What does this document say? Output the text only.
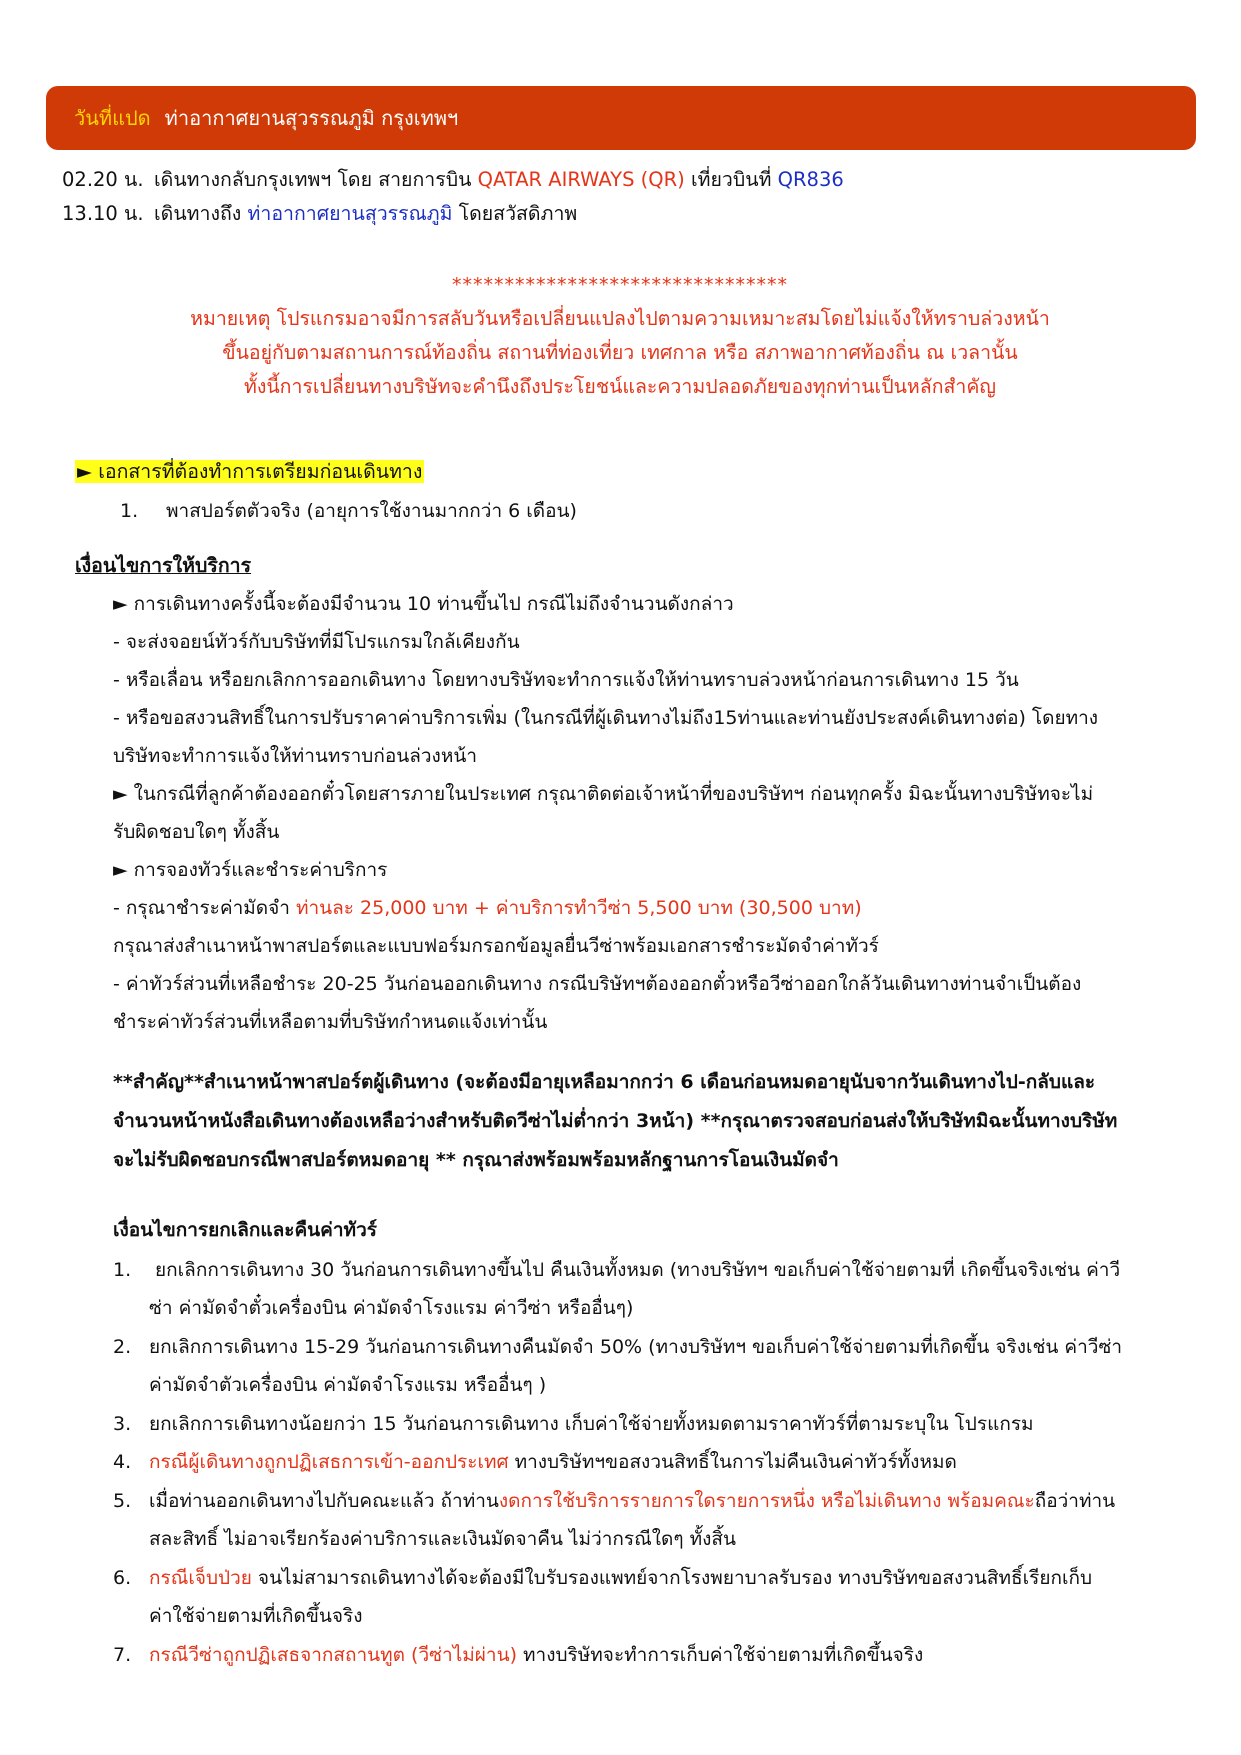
วันที่แปด ท่าอากาศยานสุวรรณภูมิ กรุงเทพฯ
02.20 น. เดินทางกลับกรุงเทพฯ โดย สายการบิน QATAR AIRWAYS (QR) เที่ยวบินที่ QR836
13.10 น. เดินทางถึง ท่าอากาศยานสุวรรณภูมิ โดยสวัสดิภาพ
********************************
หมายเหตุ โปรแกรมอาจมีการสลับวันหรือเปลี่ยนแปลงไปตามความเหมาะสมโดยไม่แจ้งให้ทราบล่วงหน้า
ขึ้นอยู่กับตามสถานการณ์ท้องถิ่น สถานที่ท่องเที่ยว เทศกาล หรือ สภาพอากาศท้องถิ่น ณ เวลานั้น
ทั้งนี้การเปลี่ยนทางบริษัทจะคำนึงถึงประโยชน์และความปลอดภัยของทุกท่านเป็นหลักสำคัญ
► เอกสารที่ต้องทำการเตรียมก่อนเดินทาง
1. พาสปอร์ตตัวจริง (อายุการใช้งานมากกว่า 6 เดือน)
เงื่อนไขการให้บริการ
► การเดินทางครั้งนี้จะต้องมีจำนวน 10 ท่านขึ้นไป กรณีไม่ถึงจำนวนดังกล่าว
- จะส่งจอยน์ทัวร์กับบริษัทที่มีโปรแกรมใกล้เคียงกัน
- หรือเลื่อน หรือยกเลิกการออกเดินทาง โดยทางบริษัทจะทำการแจ้งให้ท่านทราบล่วงหน้าก่อนการเดินทาง 15 วัน
- หรือขอสงวนสิทธิ์ในการปรับราคาค่าบริการเพิ่ม (ในกรณีที่ผู้เดินทางไม่ถึง15ท่านและท่านยังประสงค์เดินทางต่อ) โดยทาง
บริษัทจะทำการแจ้งให้ท่านทราบก่อนล่วงหน้า
► ในกรณีที่ลูกค้าต้องออกตั๋วโดยสารภายในประเทศ กรุณาติดต่อเจ้าหน้าที่ของบริษัทฯ ก่อนทุกครั้ง มิฉะนั้นทางบริษัทจะไม่
รับผิดชอบใดๆ ทั้งสิ้น
► การจองทัวร์และชำระค่าบริการ
- กรุณาชำระค่ามัดจำ ท่านละ 25,000 บาท + ค่าบริการทำวีซ่า 5,500 บาท (30,500 บาท)
กรุณาส่งสำเนาหน้าพาสปอร์ตและแบบฟอร์มกรอกข้อมูลยื่นวีซ่าพร้อมเอกสารชำระมัดจำค่าทัวร์
- ค่าทัวร์ส่วนที่เหลือชำระ 20-25 วันก่อนออกเดินทาง กรณีบริษัทฯต้องออกตั๋วหรือวีซ่าออกใกล้วันเดินทางท่านจำเป็นต้อง
ชำระค่าทัวร์ส่วนที่เหลือตามที่บริษัทกำหนดแจ้งเท่านั้น
**สำคัญ**สำเนาหน้าพาสปอร์ตผู้เดินทาง (จะต้องมีอายุเหลือมากกว่า 6 เดือนก่อนหมดอายุนับจากวันเดินทางไป-กลับและ
จำนวนหน้าหนังสือเดินทางต้องเหลือว่างสำหรับติดวีซ่าไม่ต่ำกว่า 3หน้า) **กรุณาตรวจสอบก่อนส่งให้บริษัทมิฉะนั้นทางบริษัท
จะไม่รับผิดชอบกรณีพาสปอร์ตหมดอายุ ** กรุณาส่งพร้อมพร้อมหลักฐานการโอนเงินมัดจำ
เงื่อนไขการยกเลิกและคืนค่าทัวร์
1. ยกเลิกการเดินทาง 30 วันก่อนการเดินทางขึ้นไป คืนเงินทั้งหมด (ทางบริษัทฯ ขอเก็บค่าใช้จ่ายตามที่ เกิดขึ้นจริงเช่น ค่าวี
ซ่า ค่ามัดจำตั๋วเครื่องบิน ค่ามัดจำโรงแรม ค่าวีซ่า หรืออื่นๆ)
2. ยกเลิกการเดินทาง 15-29 วันก่อนการเดินทางคืนมัดจำ 50% (ทางบริษัทฯ ขอเก็บค่าใช้จ่ายตามที่เกิดขึ้น จริงเช่น ค่าวีซ่า
ค่ามัดจำตัวเครื่องบิน ค่ามัดจำโรงแรม หรืออื่นๆ )
3. ยกเลิกการเดินทางน้อยกว่า 15 วันก่อนการเดินทาง เก็บค่าใช้จ่ายทั้งหมดตามราคาทัวร์ที่ตามระบุใน โปรแกรม
4. กรณีผู้เดินทางถูกปฏิเสธการเข้า-ออกประเทศ ทางบริษัทฯขอสงวนสิทธิ์ในการไม่คืนเงินค่าทัวร์ทั้งหมด
5. เมื่อท่านออกเดินทางไปกับคณะแล้ว ถ้าท่านงดการใช้บริการรายการใดรายการหนึ่ง หรือไม่เดินทาง พร้อมคณะถือว่าท่าน
สละสิทธิ์ ไม่อาจเรียกร้องค่าบริการและเงินมัดจาคืน ไม่ว่ากรณีใดๆ ทั้งสิ้น
6. กรณีเจ็บป่วย จนไม่สามารถเดินทางได้จะต้องมีใบรับรองแพทย์จากโรงพยาบาลรับรอง ทางบริษัทขอสงวนสิทธิ์เรียกเก็บ
ค่าใช้จ่ายตามที่เกิดขึ้นจริง
7. กรณีวีซ่าถูกปฏิเสธจากสถานทูต (วีซ่าไม่ผ่าน) ทางบริษัทจะทำการเก็บค่าใช้จ่ายตามที่เกิดขึ้นจริง
